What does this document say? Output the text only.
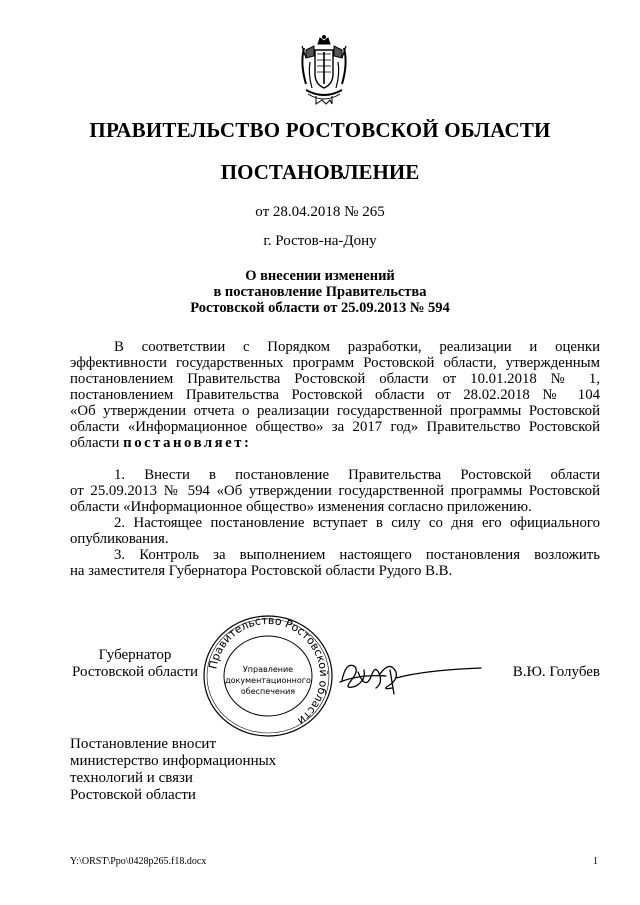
ПРАВИТЕЛЬСТВО РОСТОВСКОЙ ОБЛАСТИ
ПОСТАНОВЛЕНИЕ
от 28.04.2018 № 265
г. Ростов-на-Дону
О внесении изменений
в постановление Правительства
Ростовской области от 25.09.2013 № 594
В соответствии с Порядком разработки, реализации и оценки
эффективности государственных программ Ростовской области, утвержденным
постановлением Правительства Ростовской области от 10.01.2018 № 1,
постановлением Правительства Ростовской области от 28.02.2018 № 104
«Об утверждении отчета о реализации государственной программы Ростовской
области «Информационное общество» за 2017 год» Правительство Ростовской
области постановляет:
1. Внести в постановление Правительства Ростовской области
от 25.09.2013 № 594 «Об утверждении государственной программы Ростовской
области «Информационное общество» изменения согласно приложению.
2. Настоящее постановление вступает в силу со дня его официального
опубликования.
3. Контроль за выполнением настоящего постановления возложить
на заместителя Губернатора Ростовской области Рудого В.В.
Губернатор
Ростовской области Правительство Ростовской области
Управление
документационного
обеспечения
В.Ю. Голубев
Постановление вносит
министерство информационных
технологий и связи
Ростовской области
Y:\ORST\Ppo\0428p265.f18.docx	1
